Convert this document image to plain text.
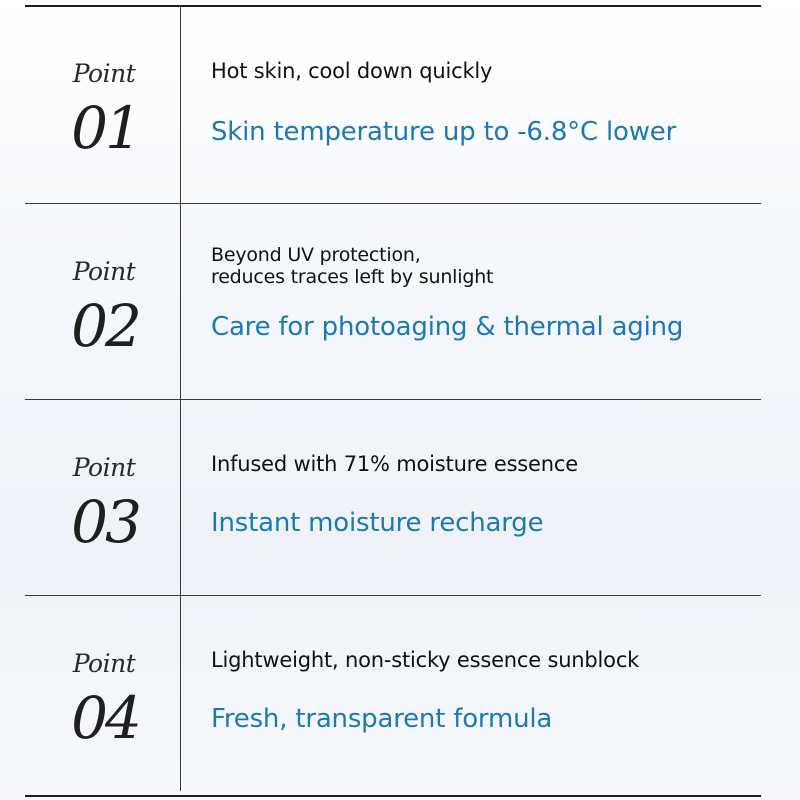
Point
01
Hot skin, cool down quickly
Skin temperature up to -6.8°C lower
Point
02
Beyond UV protection,
reduces traces left by sunlight
Care for photoaging & thermal aging
Point
03
Infused with 71% moisture essence
Instant moisture recharge
Point
04
Lightweight, non-sticky essence sunblock
Fresh, transparent formula
